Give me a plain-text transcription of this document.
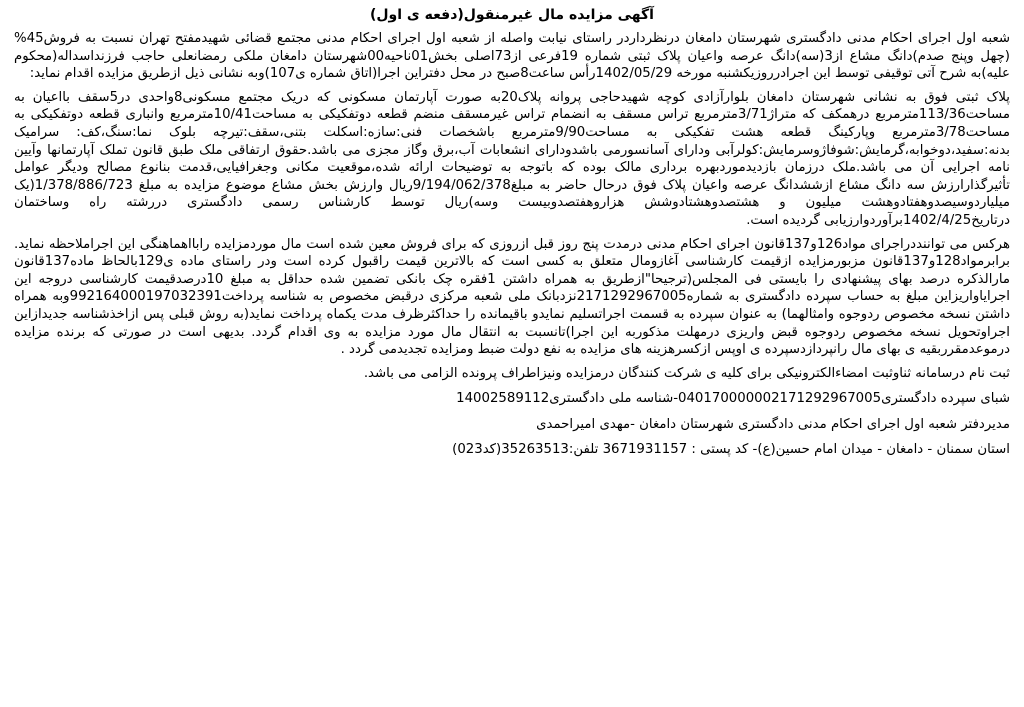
آگهی مزایده مال غیرمنقول(دفعه ی اول)

شعبه اول اجرای احکام مدنی دادگستری شهرستان دامغان درنظرداردر راستای نیابت واصله از شعبه اول اجرای احکام مدنی مجتمع قضائی شهیدمفتح تهران نسبت به فروش45%(چهل وپنج صدم)دانگ مشاع از3(سه)دانگ عرصه واعیان پلاک ثبتی شماره 19فرعی از73اصلی بخش01ناحیه00شهرستان دامغان ملکی رمضانعلی حاجب فرزنداسداله(محکوم علیه)به شرح آتی توقیفی توسط این اجرادرروزیکشنبه مورخه 1402/05/29رأس ساعت8صبح در محل دفتراین اجرا(اتاق شماره ی107)وبه نشانی ذیل ازطریق مزایده اقدام نماید:

پلاک ثبتی فوق به نشانی شهرستان دامغان بلوارآزادی کوچه شهیدحاجی پروانه پلاک20به صورت آپارتمان مسکونی که دریک مجتمع مسکونی8واحدی در5سقف بااعیان به مساحت113/36مترمربع درهمکف که متراژ3/71مترمربع تراس مسقف به انضمام تراس غیرمسقف منضم قطعه دوتفکیکی به مساحت10/41مترمربع وانباری قطعه دوتفکیکی به مساحت3/78مترمربع وپارکینگ قطعه هشت تفکیکی به مساحت9/90مترمربع باشخصات فنی:سازه:اسکلت بتنی،سقف:تیرچه بلوک نما:سنگ،کف: سرامیک بدنه:سفید،دوخوابه،گرمایش:شوفاژوسرمایش:کولرآبی ودارای آسانسورمی باشدودارای انشعابات آب،برق وگاز مجزی می باشد.حقوق ارتفاقی ملک طبق قانون تملک آپارتمانها وآیین نامه اجرایی آن می باشد.ملک درزمان بازدیدموردبهره برداری مالک بوده که باتوجه به توضیحات ارائه شده،موقعیت مکانی وجغرافیایی،قدمت بنانوع مصالح ودیگر عوامل تأثیرگذارارزش سه دانگ مشاع ازششدانگ عرصه واعیان پلاک فوق درحال حاضر به مبلغ9/194/062/378ریال وارزش بخش مشاع موضوع مزایده به مبلغ 1/378/886/723(یک میلیاردوسیصدوهفتادوهشت میلیون و هشتصدوهشتادوشش هزاروهفتصدوبیست وسه)ریال توسط کارشناس رسمی دادگستری دررشته راه وساختمان درتاریخ1402/4/25برآوردوارزیابی گردیده است.

هرکس می تواننددراجرای مواد126و137قانون اجرای احکام مدنی درمدت پنج روز قبل ازروزی که برای فروش معین شده است مال موردمزایده رابااهماهنگی این اجراملاحظه نماید. برابرمواد128و137قانون مزبورمزایده ازقیمت کارشناسی آغازومال متعلق به کسی است که بالاترین قیمت راقبول کرده است ودر راستای ماده ی129بالحاظ ماده137قانون مارالذکره درصد بهای پیشنهادی را بایستی فی المجلس(ترجیحا"ازطریق به همراه داشتن 1فقره چک بانکی تضمین شده حداقل به مبلغ 10درصدقیمت کارشناسی دروجه این اجرایاواریزاین مبلغ به حساب سپرده دادگستری به شماره2171292967005نزدبانک ملی شعبه مرکزی درقبض مخصوص به شناسه پرداخت992164000197032391وبه همراه داشتن نسخه مخصوص ردوجوه وامثالهما) به عنوان سپرده به قسمت اجراتسلیم نمایدو باقیمانده را حداکثرظرف مدت یکماه پرداخت نماید(به روش قبلی پس ازاخذشناسه جدیدازاین اجراوتحویل نسخه مخصوص ردوجوه قبض واریزی درمهلت مذکوربه این اجرا)تانسبت به انتقال مال مورد مزایده به وی اقدام گردد. بدیهی است در صورتی که برنده مزایده درموعدمقرربقیه ی بهای مال رانپردازدسپرده ی اوپس ازکسرهزینه های مزایده به نفع دولت ضبط ومزایده تجدیدمی گردد .

ثبت نام درسامانه ثناوثبت امضاءالکترونیکی برای کلیه ی شرکت کنندگان درمزایده ونیزاطراف پرونده الزامی می باشد.

شبای سپرده دادگستری040170000002171292967005-شناسه ملی دادگستری14002589112

مدیردفتر شعبه اول اجرای احکام مدنی دادگستری شهرستان دامغان -مهدی امیراحمدی

استان سمنان - دامغان - میدان امام حسین(ع)- کد پستی : 3671931157 تلفن:35263513(کد023)
